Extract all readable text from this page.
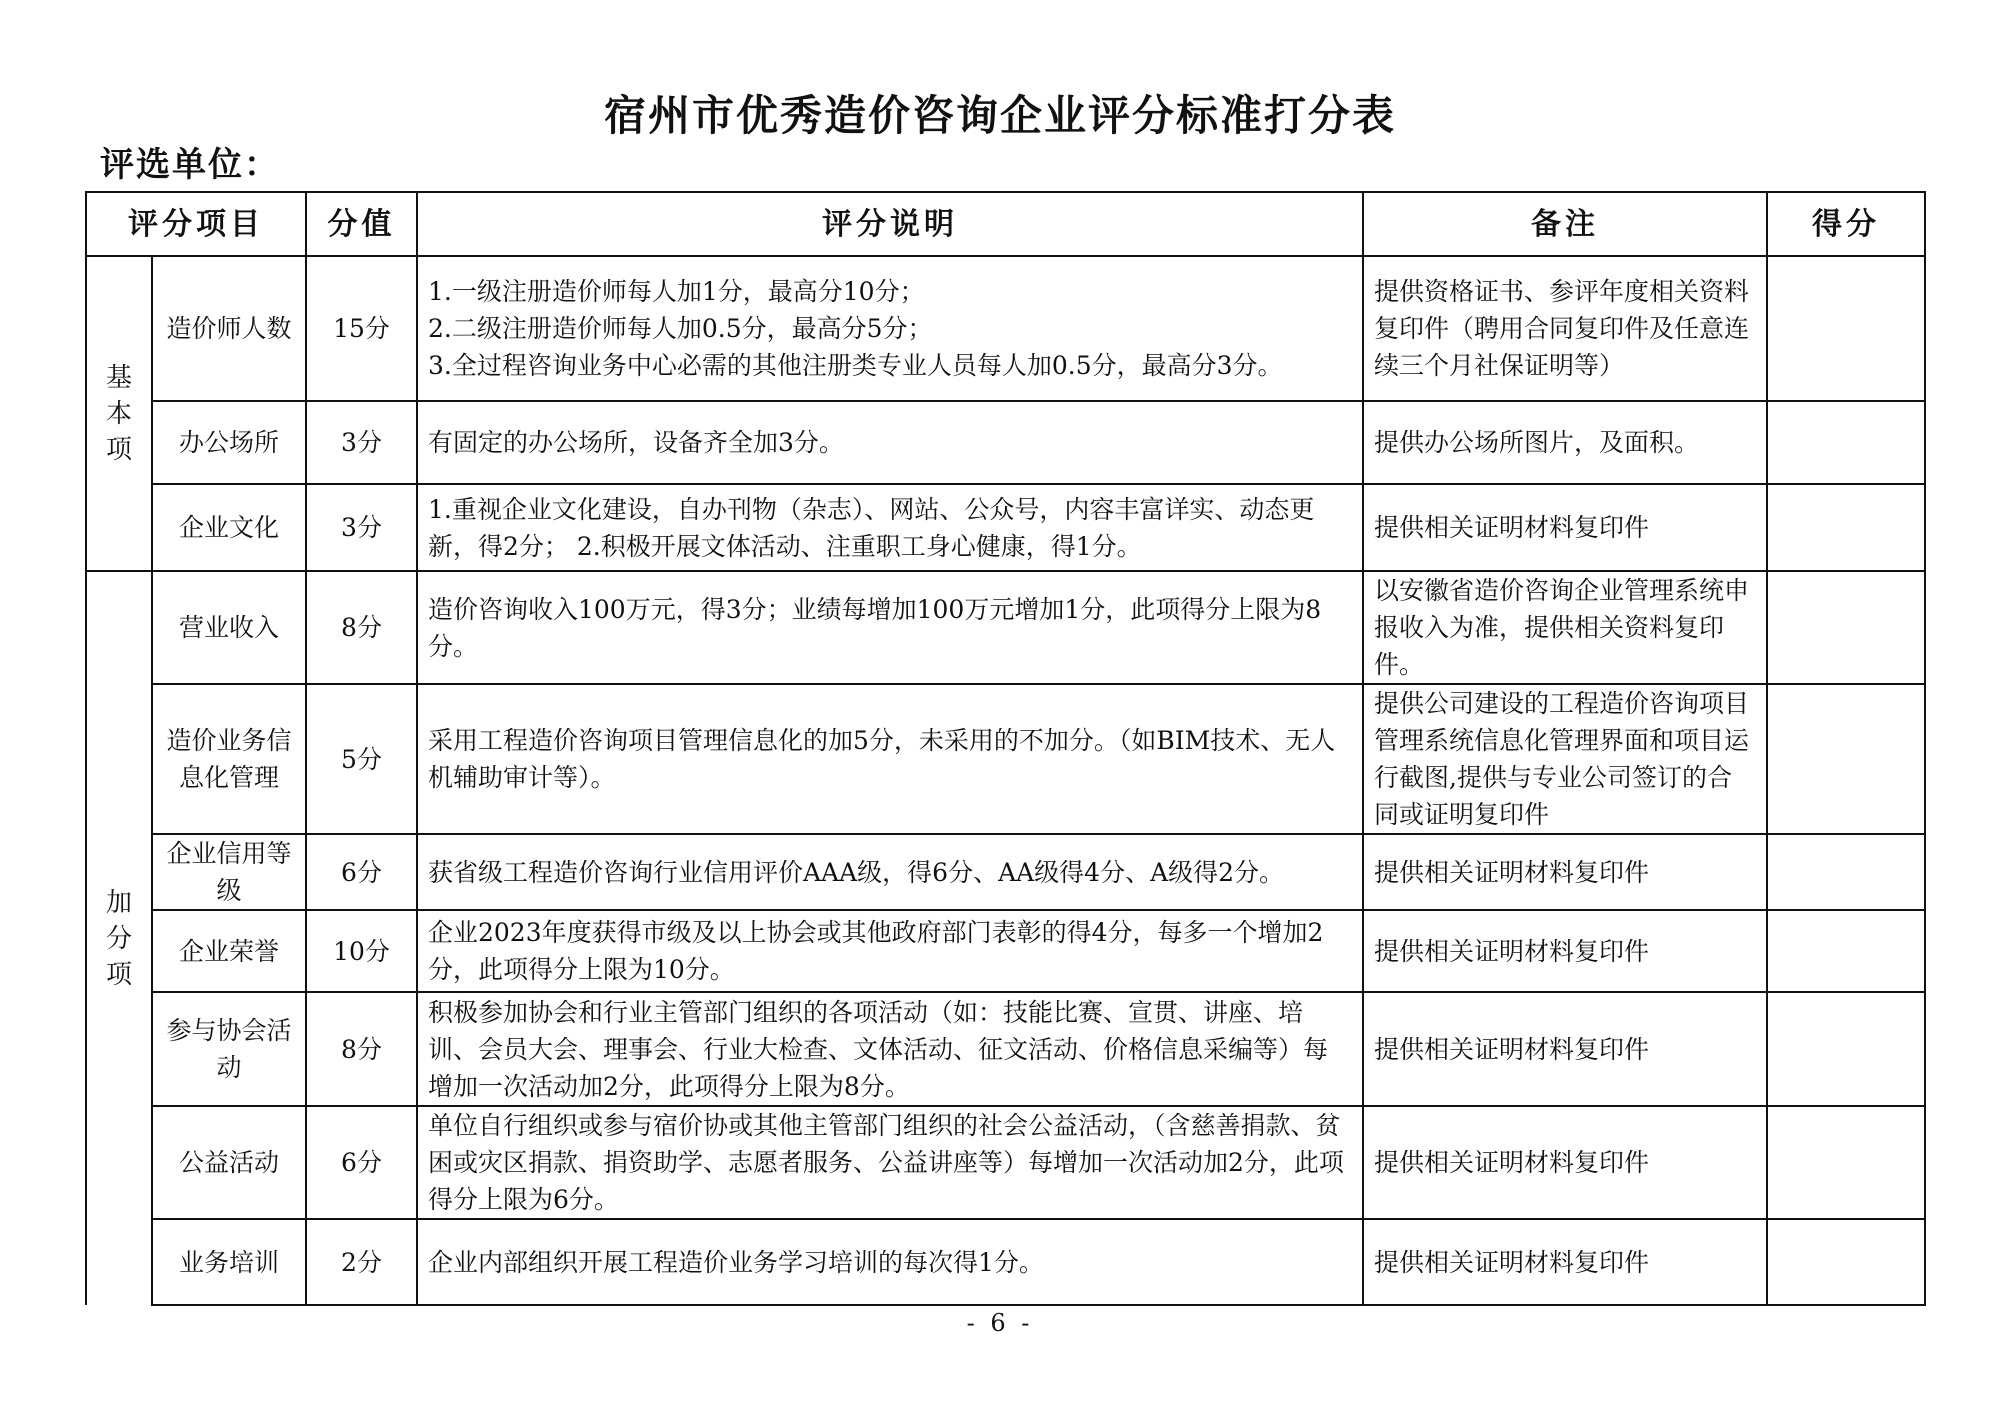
宿州市优秀造价咨询企业评分标准打分表
评选单位：
评分项目		分值	评分说明	备注	得分
基本项	造价师人数	15分	1.一级注册造价师每人加1分，最高分10分；
2.二级注册造价师每人加0.5分，最高分5分；
3.全过程咨询业务中心必需的其他注册类专业人员每人加0.5分，最高分3分。	提供资格证书、参评年度相关资料复印件（聘用合同复印件及任意连续三个月社保证明等）	
	办公场所	3分	有固定的办公场所，设备齐全加3分。	提供办公场所图片，及面积。	
	企业文化	3分	1.重视企业文化建设，自办刊物（杂志）、网站、公众号，内容丰富详实、动态更新，得2分； 2.积极开展文体活动、注重职工身心健康，得1分。	提供相关证明材料复印件	
加分项	营业收入	8分	造价咨询收入100万元，得3分；业绩每增加100万元增加1分，此项得分上限为8分。	以安徽省造价咨询企业管理系统申报收入为准，提供相关资料复印件。	
	造价业务信息化管理	5分	采用工程造价咨询项目管理信息化的加5分，未采用的不加分。（如BIM技术、无人机辅助审计等）。	提供公司建设的工程造价咨询项目管理系统信息化管理界面和项目运行截图,提供与专业公司签订的合同或证明复印件	
	企业信用等级	6分	获省级工程造价咨询行业信用评价AAA级，得6分、AA级得4分、A级得2分。	提供相关证明材料复印件	
	企业荣誉	10分	企业2023年度获得市级及以上协会或其他政府部门表彰的得4分，每多一个增加2分，此项得分上限为10分。	提供相关证明材料复印件	
	参与协会活动	8分	积极参加协会和行业主管部门组织的各项活动（如：技能比赛、宣贯、讲座、培训、会员大会、理事会、行业大检查、文体活动、征文活动、价格信息采编等）每增加一次活动加2分，此项得分上限为8分。	提供相关证明材料复印件	
	公益活动	6分	单位自行组织或参与宿价协或其他主管部门组织的社会公益活动，（含慈善捐款、贫困或灾区捐款、捐资助学、志愿者服务、公益讲座等）每增加一次活动加2分，此项得分上限为6分。	提供相关证明材料复印件	
	业务培训	2分	企业内部组织开展工程造价业务学习培训的每次得1分。	提供相关证明材料复印件	
- 6 -
